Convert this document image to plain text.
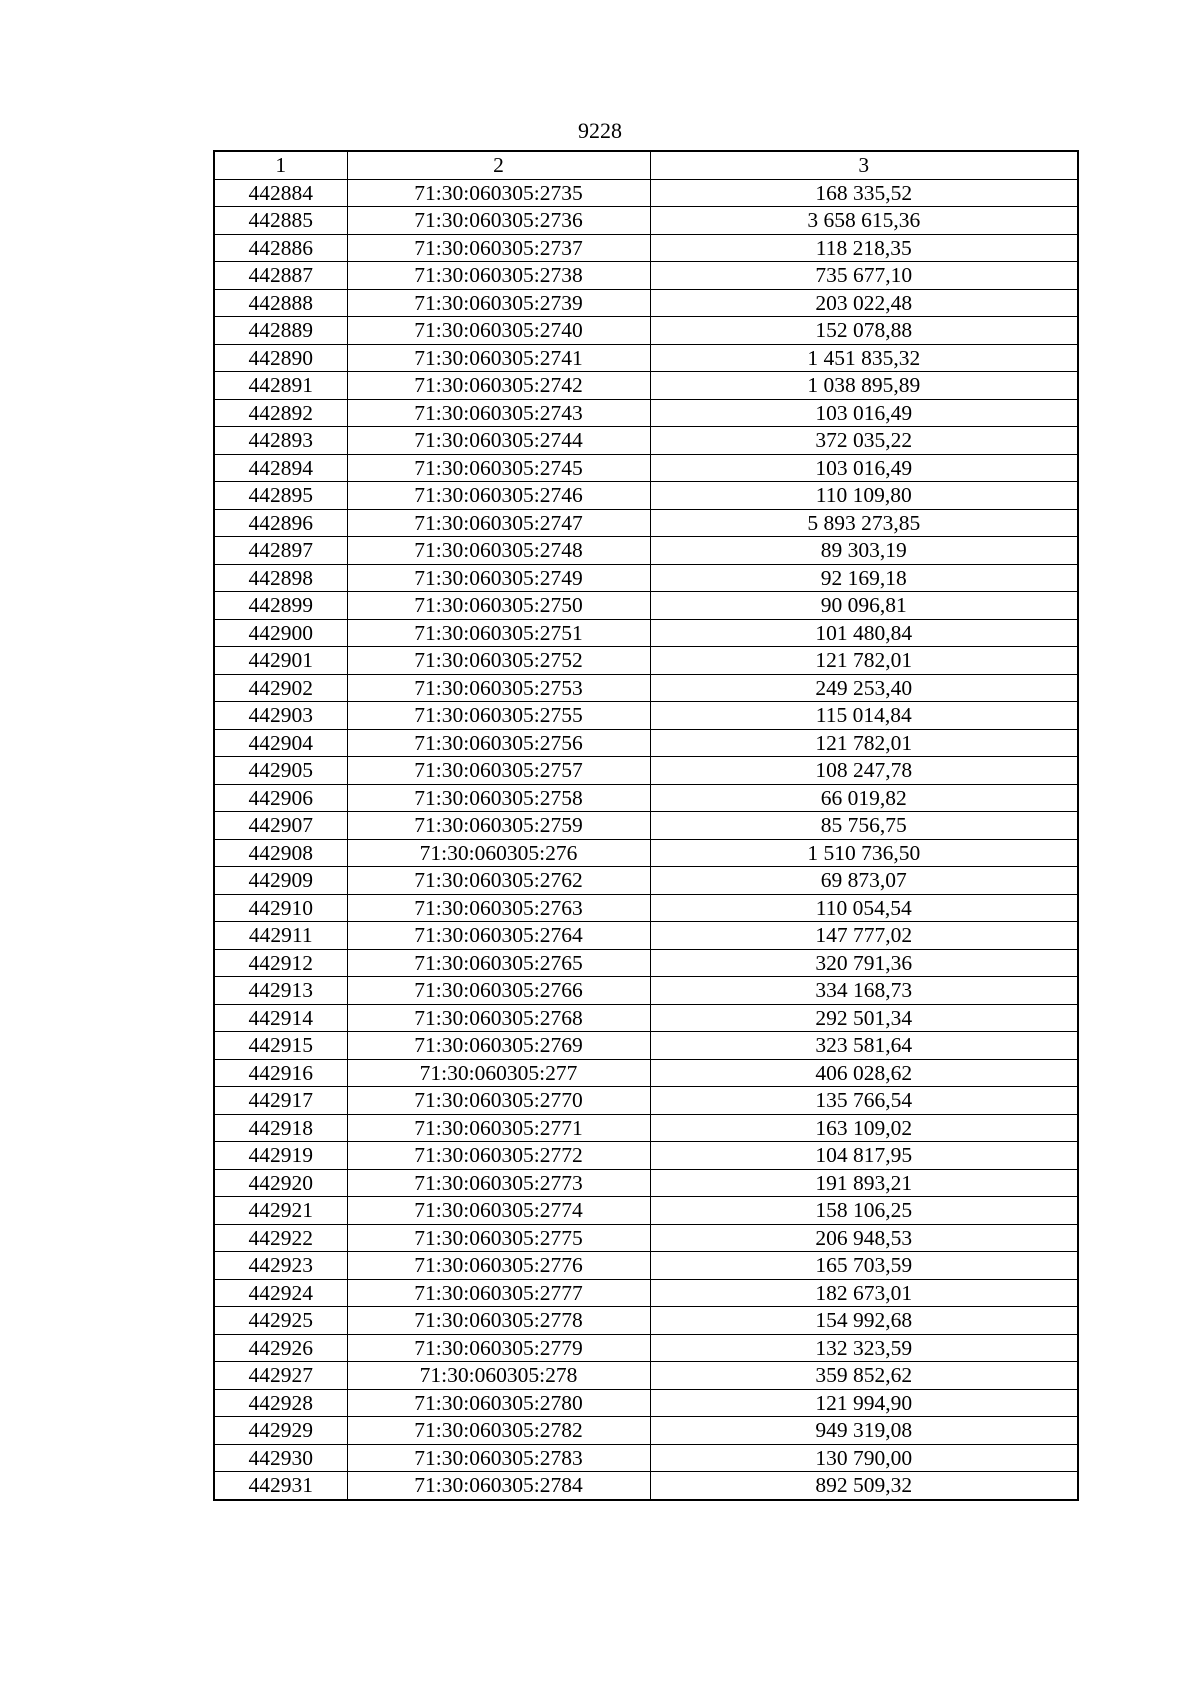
9228
1	2	3
442884	71:30:060305:2735	168 335,52
442885	71:30:060305:2736	3 658 615,36
442886	71:30:060305:2737	118 218,35
442887	71:30:060305:2738	735 677,10
442888	71:30:060305:2739	203 022,48
442889	71:30:060305:2740	152 078,88
442890	71:30:060305:2741	1 451 835,32
442891	71:30:060305:2742	1 038 895,89
442892	71:30:060305:2743	103 016,49
442893	71:30:060305:2744	372 035,22
442894	71:30:060305:2745	103 016,49
442895	71:30:060305:2746	110 109,80
442896	71:30:060305:2747	5 893 273,85
442897	71:30:060305:2748	89 303,19
442898	71:30:060305:2749	92 169,18
442899	71:30:060305:2750	90 096,81
442900	71:30:060305:2751	101 480,84
442901	71:30:060305:2752	121 782,01
442902	71:30:060305:2753	249 253,40
442903	71:30:060305:2755	115 014,84
442904	71:30:060305:2756	121 782,01
442905	71:30:060305:2757	108 247,78
442906	71:30:060305:2758	66 019,82
442907	71:30:060305:2759	85 756,75
442908	71:30:060305:276	1 510 736,50
442909	71:30:060305:2762	69 873,07
442910	71:30:060305:2763	110 054,54
442911	71:30:060305:2764	147 777,02
442912	71:30:060305:2765	320 791,36
442913	71:30:060305:2766	334 168,73
442914	71:30:060305:2768	292 501,34
442915	71:30:060305:2769	323 581,64
442916	71:30:060305:277	406 028,62
442917	71:30:060305:2770	135 766,54
442918	71:30:060305:2771	163 109,02
442919	71:30:060305:2772	104 817,95
442920	71:30:060305:2773	191 893,21
442921	71:30:060305:2774	158 106,25
442922	71:30:060305:2775	206 948,53
442923	71:30:060305:2776	165 703,59
442924	71:30:060305:2777	182 673,01
442925	71:30:060305:2778	154 992,68
442926	71:30:060305:2779	132 323,59
442927	71:30:060305:278	359 852,62
442928	71:30:060305:2780	121 994,90
442929	71:30:060305:2782	949 319,08
442930	71:30:060305:2783	130 790,00
442931	71:30:060305:2784	892 509,32
